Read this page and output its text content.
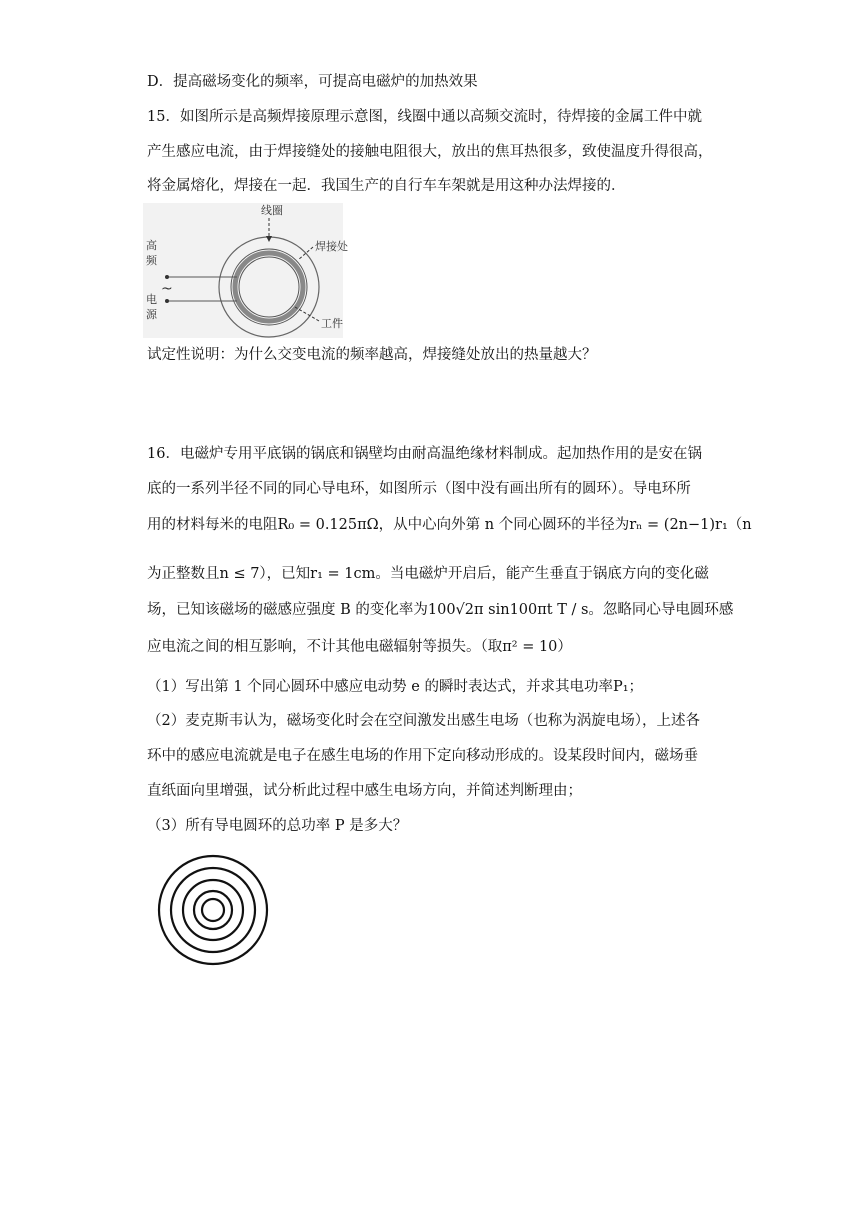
D．提高磁场变化的频率，可提高电磁炉的加热效果
15．如图所示是高频焊接原理示意图，线圈中通以高频交流时，待焊接的金属工件中就
产生感应电流，由于焊接缝处的接触电阻很大，放出的焦耳热很多，致使温度升得很高，
将金属熔化，焊接在一起．我国生产的自行车车架就是用这种办法焊接的．
线圈
焊接处
工件
高
频
电
源
~
试定性说明：为什么交变电流的频率越高，焊接缝处放出的热量越大？
16．电磁炉专用平底锅的锅底和锅壁均由耐高温绝缘材料制成。起加热作用的是安在锅
底的一系列半径不同的同心导电环，如图所示（图中没有画出所有的圆环）。导电环所
用的材料每米的电阻R₀ = 0.125πΩ，从中心向外第 n 个同心圆环的半径为rₙ = (2n−1)r₁（n
为正整数且n ≤ 7），已知r₁ = 1cm。当电磁炉开启后，能产生垂直于锅底方向的变化磁
场，已知该磁场的磁感应强度 B 的变化率为100√2π sin100πt T / s。忽略同心导电圆环感
应电流之间的相互影响，不计其他电磁辐射等损失。（取π² = 10）
（1）写出第 1 个同心圆环中感应电动势 e 的瞬时表达式，并求其电功率P₁；
（2）麦克斯韦认为，磁场变化时会在空间激发出感生电场（也称为涡旋电场），上述各
环中的感应电流就是电子在感生电场的作用下定向移动形成的。设某段时间内，磁场垂
直纸面向里增强，试分析此过程中感生电场方向，并简述判断理由；
（3）所有导电圆环的总功率 P 是多大？
